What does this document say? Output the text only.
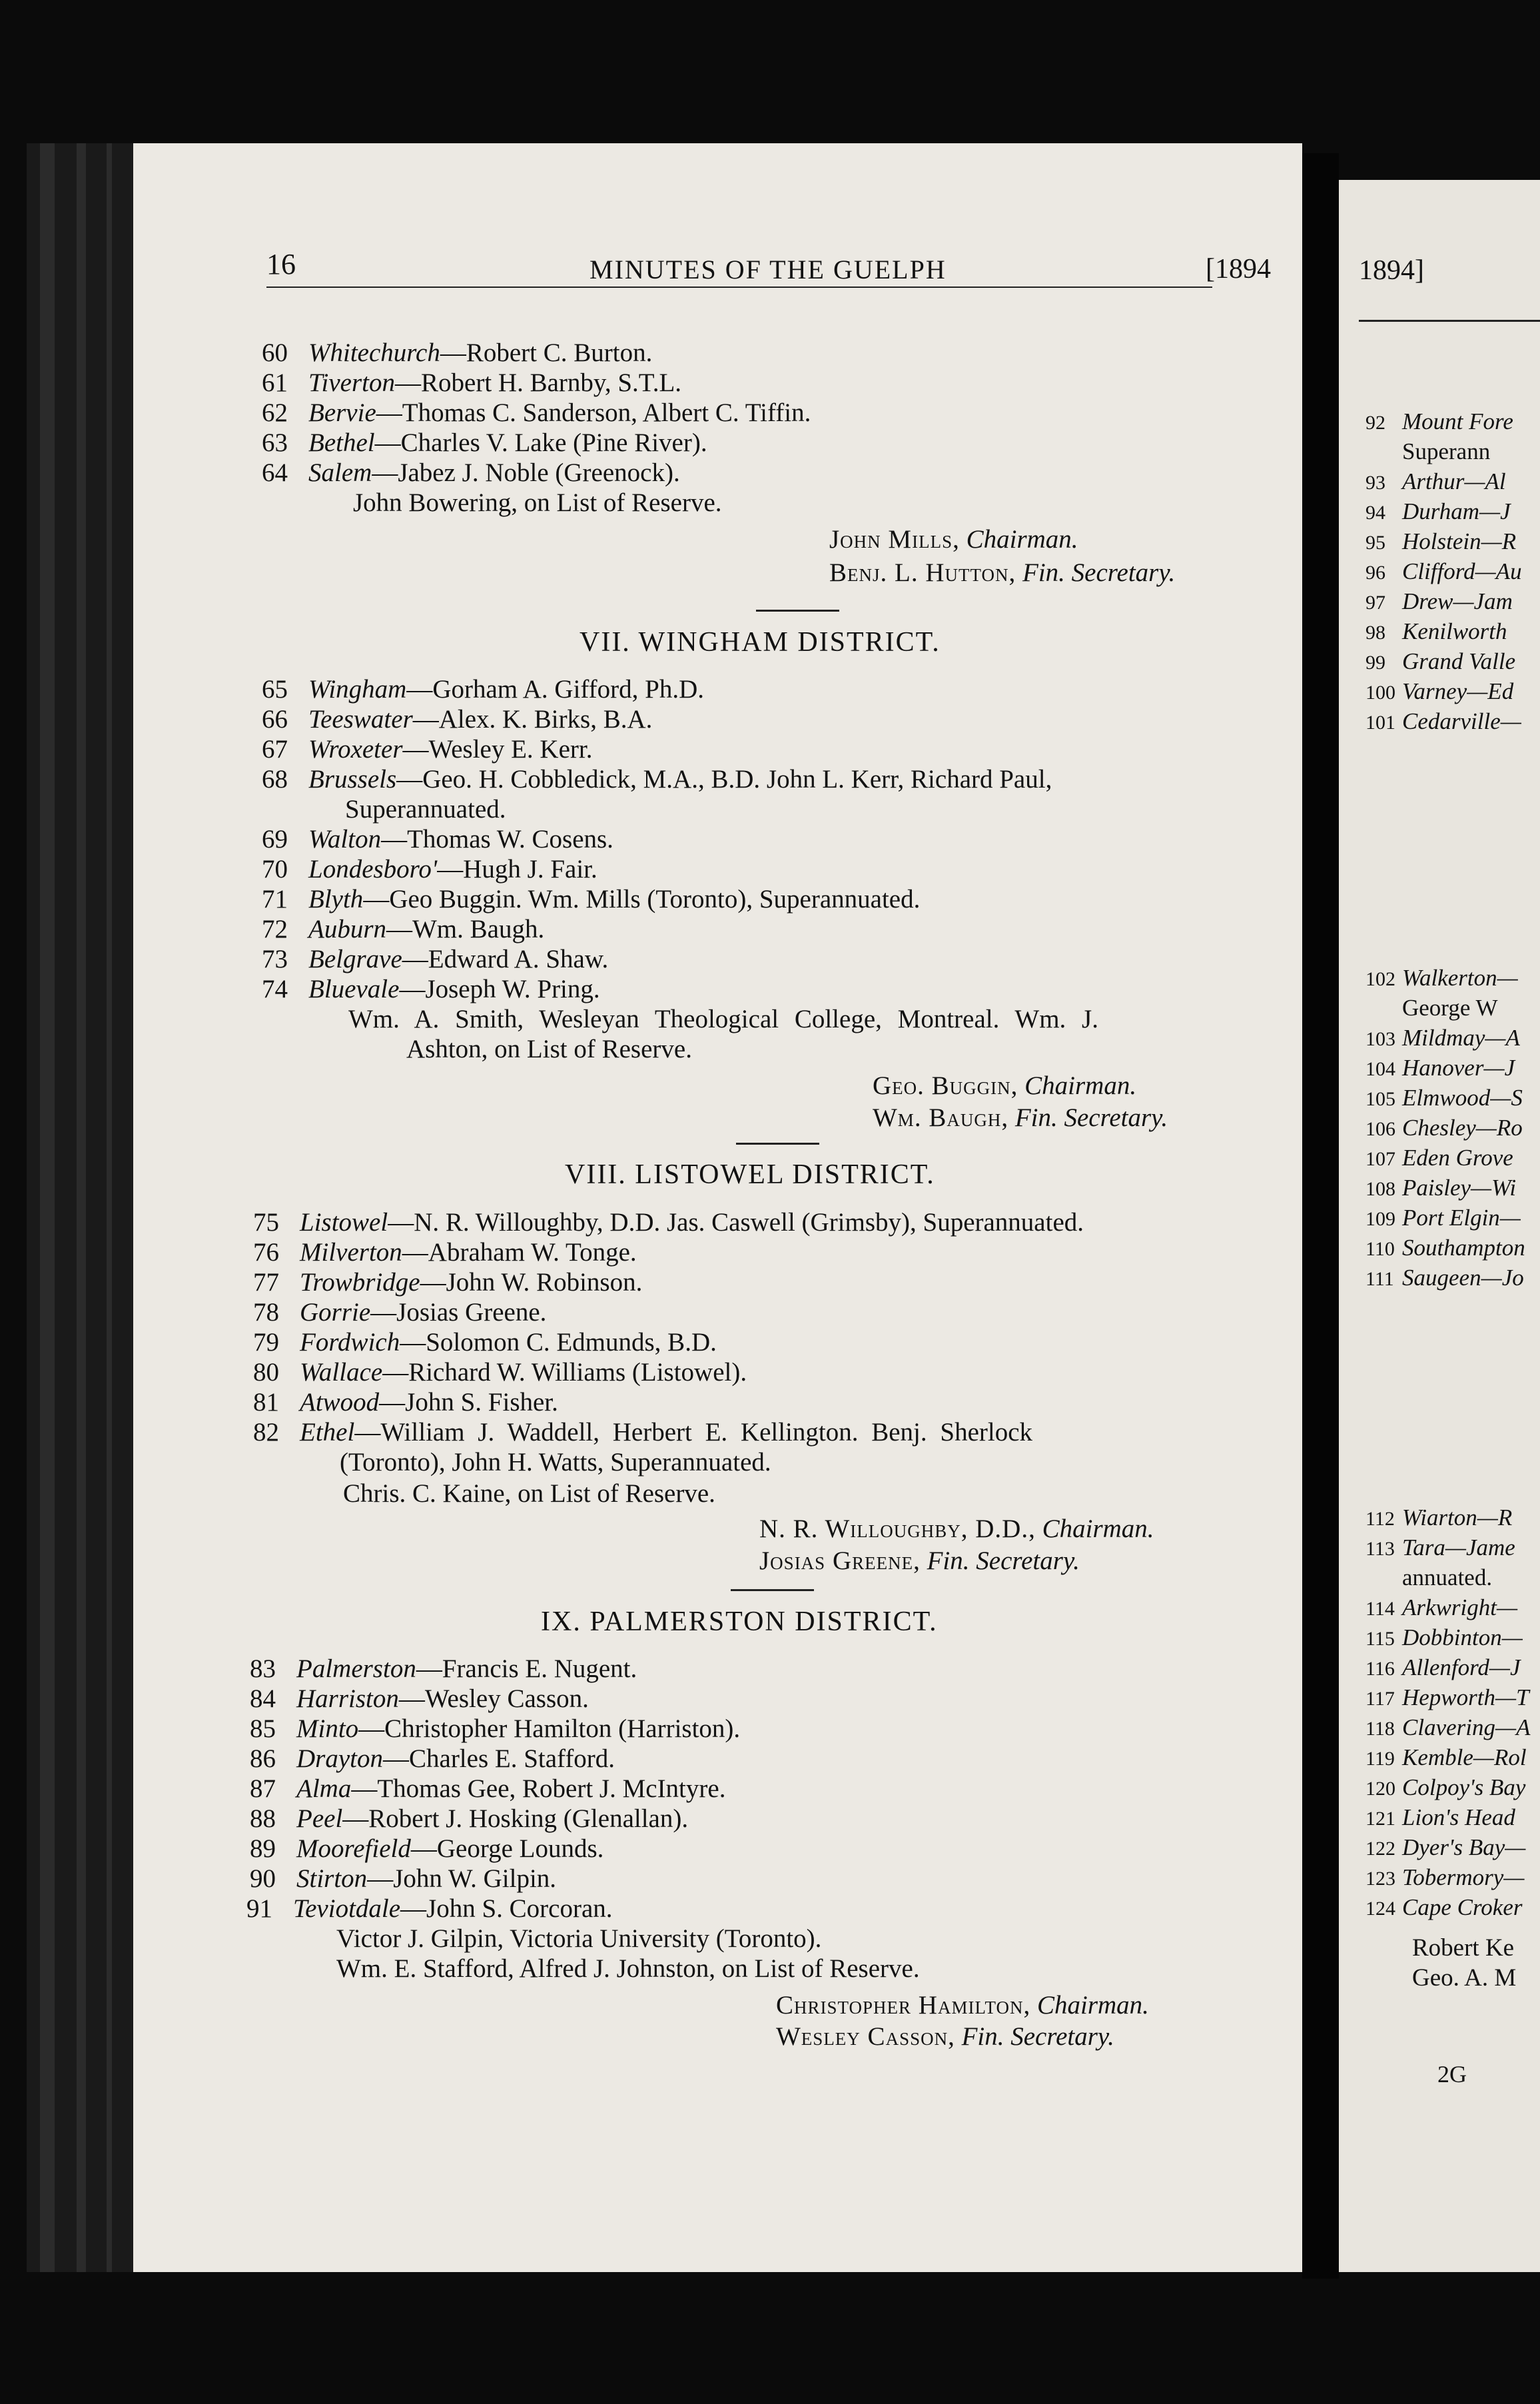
16	MINUTES OF THE GUELPH	[1894
60 Whitechurch—Robert C. Burton.
61 Tiverton—Robert H. Barnby, S.T.L.
62 Bervie—Thomas C. Sanderson, Albert C. Tiffin.
63 Bethel—Charles V. Lake (Pine River).
64 Salem—Jabez J. Noble (Greenock).
John Bowering, on List of Reserve.
John Mills, Chairman.
Benj. L. Hutton, Fin. Secretary.
VII. WINGHAM DISTRICT.
65 Wingham—Gorham A. Gifford, Ph.D.
66 Teeswater—Alex. K. Birks, B.A.
67 Wroxeter—Wesley E. Kerr.
68 Brussels—Geo. H. Cobbledick, M.A., B.D. John L. Kerr, Richard Paul,
Superannuated.
69 Walton—Thomas W. Cosens.
70 Londesboro'—Hugh J. Fair.
71 Blyth—Geo Buggin. Wm. Mills (Toronto), Superannuated.
72 Auburn—Wm. Baugh.
73 Belgrave—Edward A. Shaw.
74 Bluevale—Joseph W. Pring.
Wm. A. Smith, Wesleyan Theological College, Montreal. Wm. J.
Ashton, on List of Reserve.
Geo. Buggin, Chairman.
Wm. Baugh, Fin. Secretary.
VIII. LISTOWEL DISTRICT.
75 Listowel—N. R. Willoughby, D.D. Jas. Caswell (Grimsby), Superannuated.
76 Milverton—Abraham W. Tonge.
77 Trowbridge—John W. Robinson.
78 Gorrie—Josias Greene.
79 Fordwich—Solomon C. Edmunds, B.D.
80 Wallace—Richard W. Williams (Listowel).
81 Atwood—John S. Fisher.
82 Ethel—William J. Waddell, Herbert E. Kellington. Benj. Sherlock
(Toronto), John H. Watts, Superannuated.
Chris. C. Kaine, on List of Reserve.
N. R. Willoughby, D.D., Chairman.
Josias Greene, Fin. Secretary.
IX. PALMERSTON DISTRICT.
83 Palmerston—Francis E. Nugent.
84 Harriston—Wesley Casson.
85 Minto—Christopher Hamilton (Harriston).
86 Drayton—Charles E. Stafford.
87 Alma—Thomas Gee, Robert J. McIntyre.
88 Peel—Robert J. Hosking (Glenallan).
89 Moorefield—George Lounds.
90 Stirton—John W. Gilpin.
91 Teviotdale—John S. Corcoran.
Victor J. Gilpin, Victoria University (Toronto).
Wm. E. Stafford, Alfred J. Johnston, on List of Reserve.
Christopher Hamilton, Chairman.
Wesley Casson, Fin. Secretary.
1894]
92 Mount Fore
Superann
93 Arthur—Al
94 Durham—J
95 Holstein—R
96 Clifford—Au
97 Drew—Jam
98 Kenilworth
99 Grand Valle
100 Varney—Ed
101 Cedarville—
102 Walkerton—
George W
103 Mildmay—A
104 Hanover—J
105 Elmwood—S
106 Chesley—Ro
107 Eden Grove
108 Paisley—Wi
109 Port Elgin—
110 Southampton
111 Saugeen—Jo
112 Wiarton—R
113 Tara—Jame
annuated.
114 Arkwright—
115 Dobbinton—
116 Allenford—J
117 Hepworth—T
118 Clavering—A
119 Kemble—Rol
120 Colpoy's Bay
121 Lion's Head
122 Dyer's Bay—
123 Tobermory—
124 Cape Croker
Robert Ke
Geo. A. M
2G
